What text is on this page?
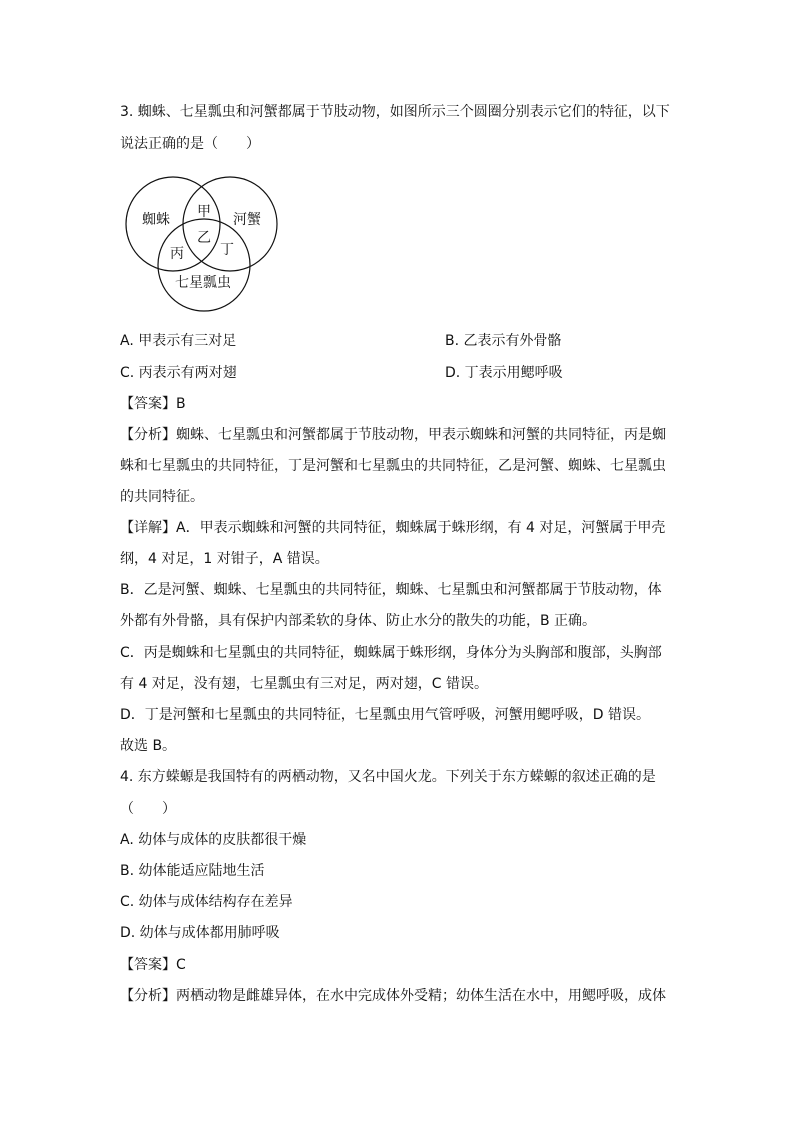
3. 蜘蛛、七星瓢虫和河蟹都属于节肢动物，如图所示三个圆圈分别表示它们的特征，以下
说法正确的是（　　）
蜘蛛	河蟹
七星瓢虫
甲
乙
丙	丁
A. 甲表示有三对足	B. 乙表示有外骨骼
C. 丙表示有两对翅	D. 丁表示用鳃呼吸
【答案】B
【分析】蜘蛛、七星瓢虫和河蟹都属于节肢动物，甲表示蜘蛛和河蟹的共同特征，丙是蜘
蛛和七星瓢虫的共同特征，丁是河蟹和七星瓢虫的共同特征，乙是河蟹、蜘蛛、七星瓢虫
的共同特征。
【详解】A．甲表示蜘蛛和河蟹的共同特征，蜘蛛属于蛛形纲，有 4 对足，河蟹属于甲壳
纲，4 对足，1 对钳子，A 错误。
B．乙是河蟹、蜘蛛、七星瓢虫的共同特征，蜘蛛、七星瓢虫和河蟹都属于节肢动物，体
外都有外骨骼，具有保护内部柔软的身体、防止水分的散失的功能，B 正确。
C．丙是蜘蛛和七星瓢虫的共同特征，蜘蛛属于蛛形纲，身体分为头胸部和腹部，头胸部
有 4 对足，没有翅，七星瓢虫有三对足，两对翅，C 错误。
D．丁是河蟹和七星瓢虫的共同特征，七星瓢虫用气管呼吸，河蟹用鳃呼吸，D 错误。
故选 B。
4. 东方蝾螈是我国特有的两栖动物，又名中国火龙。下列关于东方蝾螈的叙述正确的是
（　　）
A. 幼体与成体的皮肤都很干燥
B. 幼体能适应陆地生活
C. 幼体与成体结构存在差异
D. 幼体与成体都用肺呼吸
【答案】C
【分析】两栖动物是雌雄异体，在水中完成体外受精；幼体生活在水中，用鳃呼吸，成体
